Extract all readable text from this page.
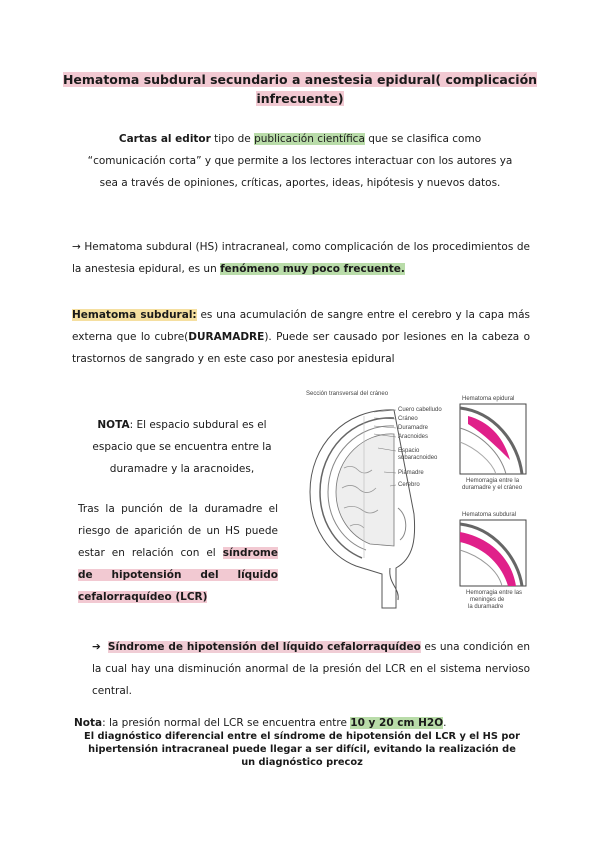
Hematoma subdural secundario a anestesia epidural( complicación
infrecuente)
Cartas al editor tipo de publicación científica que se clasifica como
“comunicación corta” y que permite a los lectores interactuar con los autores ya
sea a través de opiniones, críticas, aportes, ideas, hipótesis y nuevos datos.
→ Hematoma subdural (HS) intracraneal, como complicación de los procedimientos de la anestesia epidural, es un fenómeno muy poco frecuente.
Hematoma subdural: es una acumulación de sangre entre el cerebro y la capa más externa que lo cubre(DURAMADRE). Puede ser causado por lesiones en la cabeza o trastornos de sangrado y en este caso por anestesia epidural
NOTA: El espacio subdural es el
espacio que se encuentra entre la
duramadre y la aracnoides,
Tras la punción de la duramadre el riesgo de aparición de un HS puede estar en relación con el síndrome de hipotensión del líquido cefalorraquídeo (LCR)
Sección transversal del cráneo
Cuero cabelludo
Cráneo
Duramadre
Aracnoides
Espacio
subaracnoideo
Piamadre
Cerebro
Hematoma epidural
Hemorragia entre la
duramadre y el cráneo
Hematoma subdural
Hemorragia entre las
meninges de
la duramadre
➔ Síndrome de hipotensión del líquido cefalorraquídeo es una condición en la cual hay una disminución anormal de la presión del LCR en el sistema nervioso central.
Nota: la presión normal del LCR se encuentra entre 10 y 20 cm H2O.
El diagnóstico diferencial entre el síndrome de hipotensión del LCR y el HS por hipertensión intracraneal puede llegar a ser difícil, evitando la realización de un diagnóstico precoz
